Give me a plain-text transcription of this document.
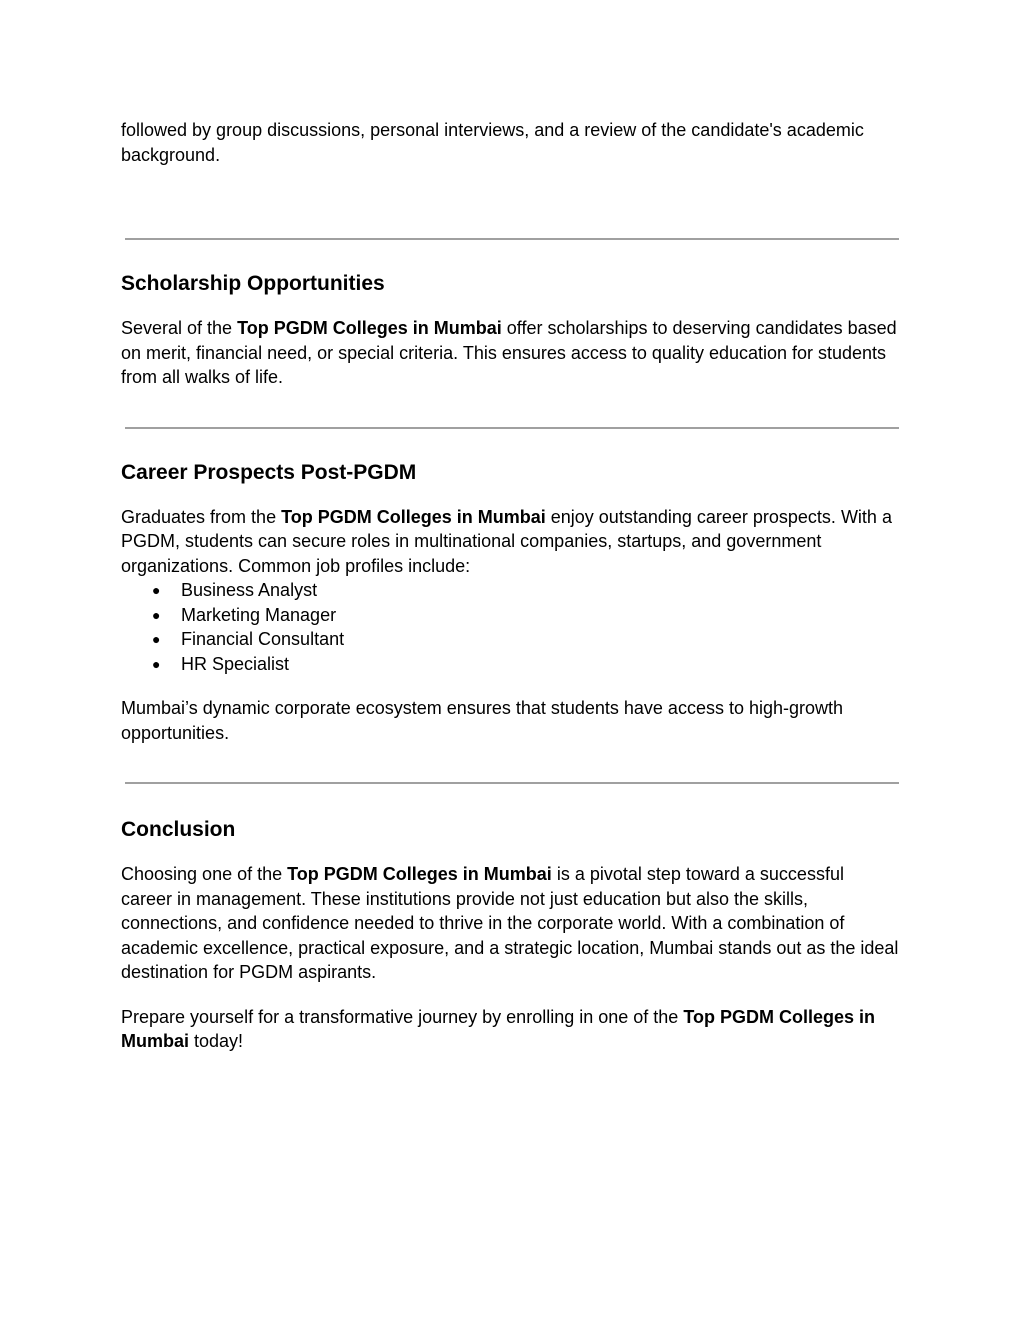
followed by group discussions, personal interviews, and a review of the candidate's academic background.

Scholarship Opportunities

Several of the Top PGDM Colleges in Mumbai offer scholarships to deserving candidates based on merit, financial need, or special criteria. This ensures access to quality education for students from all walks of life.

Career Prospects Post-PGDM

Graduates from the Top PGDM Colleges in Mumbai enjoy outstanding career prospects. With a PGDM, students can secure roles in multinational companies, startups, and government organizations. Common job profiles include:

● Business Analyst
● Marketing Manager
● Financial Consultant
● HR Specialist

Mumbai’s dynamic corporate ecosystem ensures that students have access to high-growth opportunities.

Conclusion

Choosing one of the Top PGDM Colleges in Mumbai is a pivotal step toward a successful career in management. These institutions provide not just education but also the skills, connections, and confidence needed to thrive in the corporate world. With a combination of academic excellence, practical exposure, and a strategic location, Mumbai stands out as the ideal destination for PGDM aspirants.

Prepare yourself for a transformative journey by enrolling in one of the Top PGDM Colleges in Mumbai today!
